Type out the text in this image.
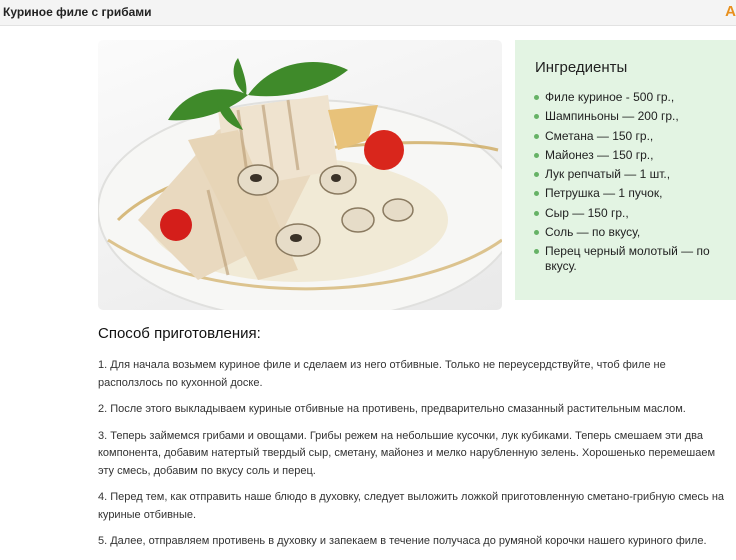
Куриное филе с грибами	A
Ингредиенты
Филе куриное - 500 гр.,
Шампиньоны — 200 гр.,
Сметана — 150 гр.,
Майонез — 150 гр.,
Лук репчатый — 1 шт.,
Петрушка — 1 пучок,
Сыр — 150 гр.,
Соль — по вкусу,
Перец черный молотый — по вкусу.
Способ приготовления:

1. Для начала возьмем куриное филе и сделаем из него отбивные. Только не переусердствуйте, чтоб филе не расползлось по кухонной доске.

2. После этого выкладываем куриные отбивные на противень, предварительно смазанный растительным маслом.

3. Теперь займемся грибами и овощами. Грибы режем на небольшие кусочки, лук кубиками. Теперь смешаем эти два компонента, добавим натертый твердый сыр, сметану, майонез и мелко нарубленную зелень. Хорошенько перемешаем эту смесь, добавим по вкусу соль и перец.

4. Перед тем, как отправить наше блюдо в духовку, следует выложить ложкой приготовленную сметано-грибную смесь на куриные отбивные.

5. Далее, отправляем противень в духовку и запекаем в течение получаса до румяной корочки нашего куриного филе.
